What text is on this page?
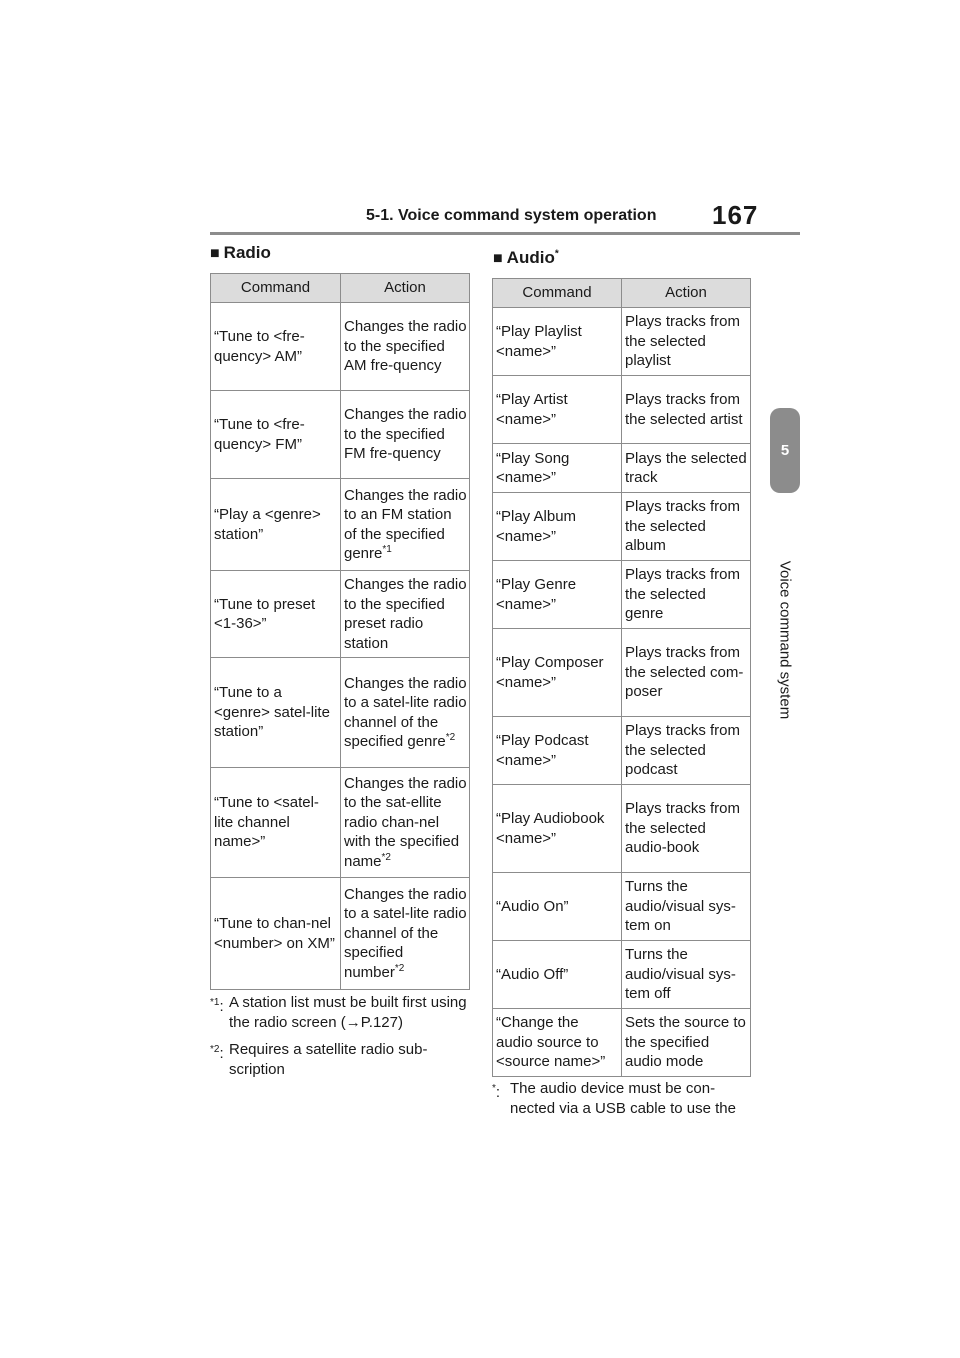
5-1. Voice command system operation 167
5
Voice command system
■ Radio
Command	Action
“Tune to <fre-quency> AM”	Changes the radio to the specified AM fre-quency
“Tune to <fre-quency> FM”	Changes the radio to the specified FM fre-quency
“Play a <genre> station”	Changes the radio to an FM station of the specified genre$^{*1}$
“Tune to preset <1-36>”	Changes the radio to the specified preset radio station
“Tune to a <genre> satel-lite station”	Changes the radio to a satel-lite radio channel of the specified genre$^{*2}$
“Tune to <satel-lite channel name>”	Changes the radio to the sat-ellite radio chan-nel with the specified name$^{*2}$
“Tune to chan-nel <number> on XM”	Changes the radio to a satel-lite radio channel of the specified number$^{*2}$
$^{*1}$: A station list must be built first using the radio screen (→P.127)
$^{*2}$: Requires a satellite radio sub-scription
■ Audio*
Command	Action
“Play Playlist <name>”	Plays tracks from the selected playlist
“Play Artist <name>”	Plays tracks from the selected artist
“Play Song <name>”	Plays the selected track
“Play Album <name>”	Plays tracks from the selected album
“Play Genre <name>”	Plays tracks from the selected genre
“Play Composer <name>”	Plays tracks from the selected com-poser
“Play Podcast <name>”	Plays tracks from the selected podcast
“Play Audiobook <name>”	Plays tracks from the selected audio-book
“Audio On”	Turns the audio/visual sys-tem on
“Audio Off”	Turns the audio/visual sys-tem off
“Change the audio source to <source name>”	Sets the source to the specified audio mode
*: The audio device must be con-nected via a USB cable to use the
